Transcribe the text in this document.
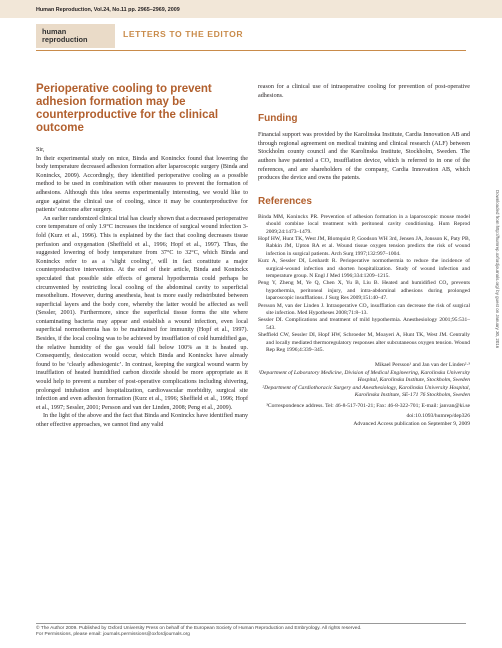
Human Reproduction, Vol.24, No.11 pp. 2965–2969, 2009
human
reproduction
LETTERS TO THE EDITOR
Perioperative cooling to prevent adhesion formation may be counterproductive for the clinical outcome

Sir,

In their experimental study on mice, Binda and Koninckx found that lowering the body temperature decreased adhesion formation after laparoscopic surgery (Binda and Koninckx, 2009). Accordingly, they identified perioperative cooling as a possible method to be used in combination with other measures to prevent the formation of adhesions. Although this idea seems experimentally interesting, we would like to argue against the clinical use of cooling, since it may be counterproductive for patients’ outcome after surgery.

An earlier randomized clinical trial has clearly shown that a decreased perioperative core temperature of only 1.9°C increases the incidence of surgical wound infection 3-fold (Kurz et al., 1996). This is explained by the fact that cooling decreases tissue perfusion and oxygenation (Sheffield et al., 1996; Hopf et al., 1997). Thus, the suggested lowering of body temperature from 37°C to 32°C, which Binda and Koninckx refer to as a ‘slight cooling’, will in fact constitute a major counterproductive intervention. At the end of their article, Binda and Koninckx speculated that possible side effects of general hypothermia could perhaps be circumvented by restricting local cooling of the abdominal cavity to superficial mesothelium. However, during anesthesia, heat is more easily redistributed between superficial layers and the body core, whereby the latter would be affected as well (Sessler, 2001). Furthermore, since the superficial tissue forms the site where contaminating bacteria may appear and establish a wound infection, even local superficial normothermia has to be maintained for immunity (Hopf et al., 1997). Besides, if the local cooling was to be achieved by insufflation of cold humidified gas, the relative humidity of the gas would fall below 100% as it is heated up. Consequently, desiccation would occur, which Binda and Koninckx have already found to be ‘clearly adhesiogenic’. In contrast, keeping the surgical wound warm by insufflation of heated humidified carbon dioxide should be more appropriate as it would help to prevent a number of post-operative complications including shivering, prolonged intubation and hospitalization, cardiovascular morbidity, surgical site infection and even adhesion formation (Kurz et al., 1996; Sheffield et al., 1996; Hopf et al., 1997; Sessler, 2001; Persson and van der Linden, 2008; Peng et al., 2009).

In the light of the above and the fact that Binda and Koninckx have identified many other effective approaches, we cannot find any valid

reason for a clinical use of intraoperative cooling for prevention of post-operative adhesions.

Funding

Financial support was provided by the Karolinska Institute, Cardia Innovation AB and through regional agreement on medical training and clinical research (ALF) between Stockholm county council and the Karolinska Institute, Stockholm, Sweden. The authors have patented a CO₂ insufflation device, which is referred to in one of the references, and are shareholders of the company, Cardia Innovation AB, which produces the device and owns the patents.

References

Binda MM, Koninckx PR. Prevention of adhesion formation in a laparoscopic mouse model should combine local treatment with peritoneal cavity conditioning. Hum Reprod 2009;24:1473–1479.

Hopf HW, Hunt TK, West JM, Blomquist P, Goodson WH 3rd, Jensen JA, Jonsson K, Paty PB, Rabkin JM, Upton RA et al. Wound tissue oxygen tension predicts the risk of wound infection in surgical patients. Arch Surg 1997;132:997–1004.

Kurz A, Sessler DI, Lenhardt R. Perioperative normothermia to reduce the incidence of surgical-wound infection and shorten hospitalization. Study of wound infection and temperature group. N Engl J Med 1996;334:1209–1215.

Peng Y, Zheng M, Ye Q, Chen X, Yu B, Liu B. Heated and humidified CO₂ prevents hypothermia, peritoneal injury, and intra-abdominal adhesions during prolonged laparoscopic insufflations. J Surg Res 2009;151:40–47.

Persson M, van der Linden J. Intraoperative CO₂ insufflation can decrease the risk of surgical site infection. Med Hypotheses 2008;71:8–13.

Sessler DI. Complications and treatment of mild hypothermia. Anesthesiology 2001;95:531–543.

Sheffield CW, Sessler DI, Hopf HW, Schroeder M, Moayeri A, Hunt TK, West JM. Centrally and locally mediated thermoregulatory responses alter subcutaneous oxygen tension. Wound Rep Reg 1996;4:339–345.

Mikael Persson¹ and Jan van der Linden²·³

¹Department of Laboratory Medicine, Division of Medical Engineering, Karolinska University Hospital, Karolinska Institute, Stockholm, Sweden

²Department of Cardiothoracic Surgery and Anesthesiology, Karolinska University Hospital, Karolinska Institute, SE-171 76 Stockholm, Sweden

³Correspondence address. Tel: 46-8-517-701-21; Fax: 46-8-322-701; E-mail: janvan@ki.se

doi:10.1093/humrep/dep326

Advanced Access publication on September 9, 2009

Downloaded from http://humrep.oxfordjournals.org/ by guest on January 30, 2016
© The Author 2009. Published by Oxford University Press on behalf of the European Society of Human Reproduction and Embryology. All rights reserved.
For Permissions, please email: journals.permissions@oxfordjournals.org
